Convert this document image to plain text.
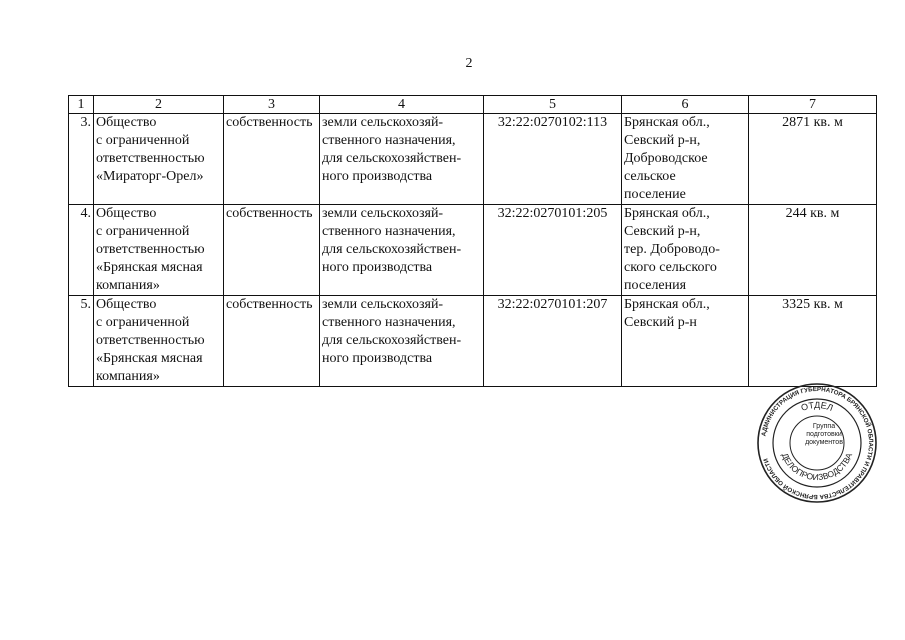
2
1	2	3	4	5	6	7
3.	Общество
с ограниченной
ответственностью
«Мираторг-Орел»	собственность	земли сельскохозяй-
ственного назначения,
для сельскохозяйствен-
ного производства	32:22:0270102:113	Брянская обл.,
Севский р-н,
Доброводское
сельское
поселение	2871 кв. м
4.	Общество
с ограниченной
ответственностью
«Брянская мясная
компания»	собственность	земли сельскохозяй-
ственного назначения,
для сельскохозяйствен-
ного производства	32:22:0270101:205	Брянская обл.,
Севский р-н,
тер. Доброводо-
ского сельского
поселения	244 кв. м
5.	Общество
с ограниченной
ответственностью
«Брянская мясная
компания»	собственность	земли сельскохозяй-
ственного назначения,
для сельскохозяйствен-
ного производства	32:22:0270101:207	Брянская обл.,
Севский р-н	3325 кв. м
АДМИНИСТРАЦИЯ ГУБЕРНАТОРА БРЯНСКОЙ ОБЛАСТИ И ПРАВИТЕЛЬСТВА БРЯНСКОЙ ОБЛАСТИ
ОТДЕЛ
ДЕЛОПРОИЗВОДСТВА
Группа
подготовки
документов
